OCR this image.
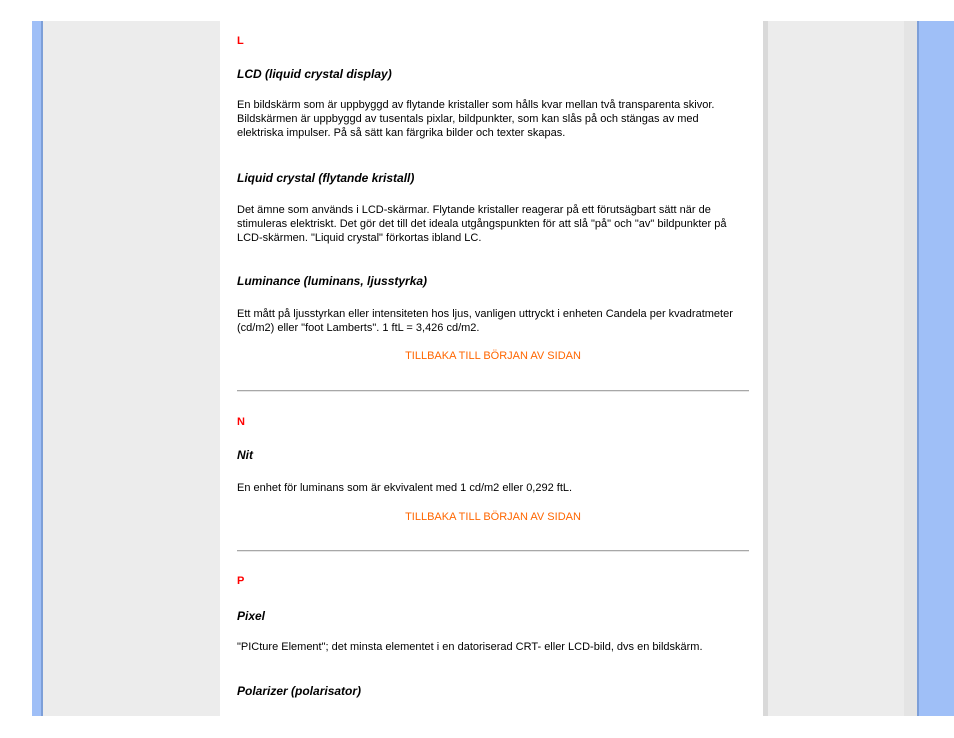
L

LCD (liquid crystal display)

En bildskärm som är uppbyggd av flytande kristaller som hålls kvar mellan två transparenta skivor. Bildskärmen är uppbyggd av tusentals pixlar, bildpunkter, som kan slås på och stängas av med elektriska impulser. På så sätt kan färgrika bilder och texter skapas.

Liquid crystal (flytande kristall)

Det ämne som används i LCD-skärmar. Flytande kristaller reagerar på ett förutsägbart sätt när de stimuleras elektriskt. Det gör det till det ideala utgångspunkten för att slå "på" och "av" bildpunkter på LCD-skärmen. "Liquid crystal" förkortas ibland LC.

Luminance (luminans, ljusstyrka)

Ett mått på ljusstyrkan eller intensiteten hos ljus, vanligen uttryckt i enheten Candela per kvadratmeter (cd/m2) eller "foot Lamberts". 1 ftL = 3,426 cd/m2.

TILLBAKA TILL BÖRJAN AV SIDAN

N

Nit

En enhet för luminans som är ekvivalent med 1 cd/m2 eller 0,292 ftL.

TILLBAKA TILL BÖRJAN AV SIDAN

P

Pixel

"PICture Element"; det minsta elementet i en datoriserad CRT- eller LCD-bild, dvs en bildskärm.

Polarizer (polarisator)
